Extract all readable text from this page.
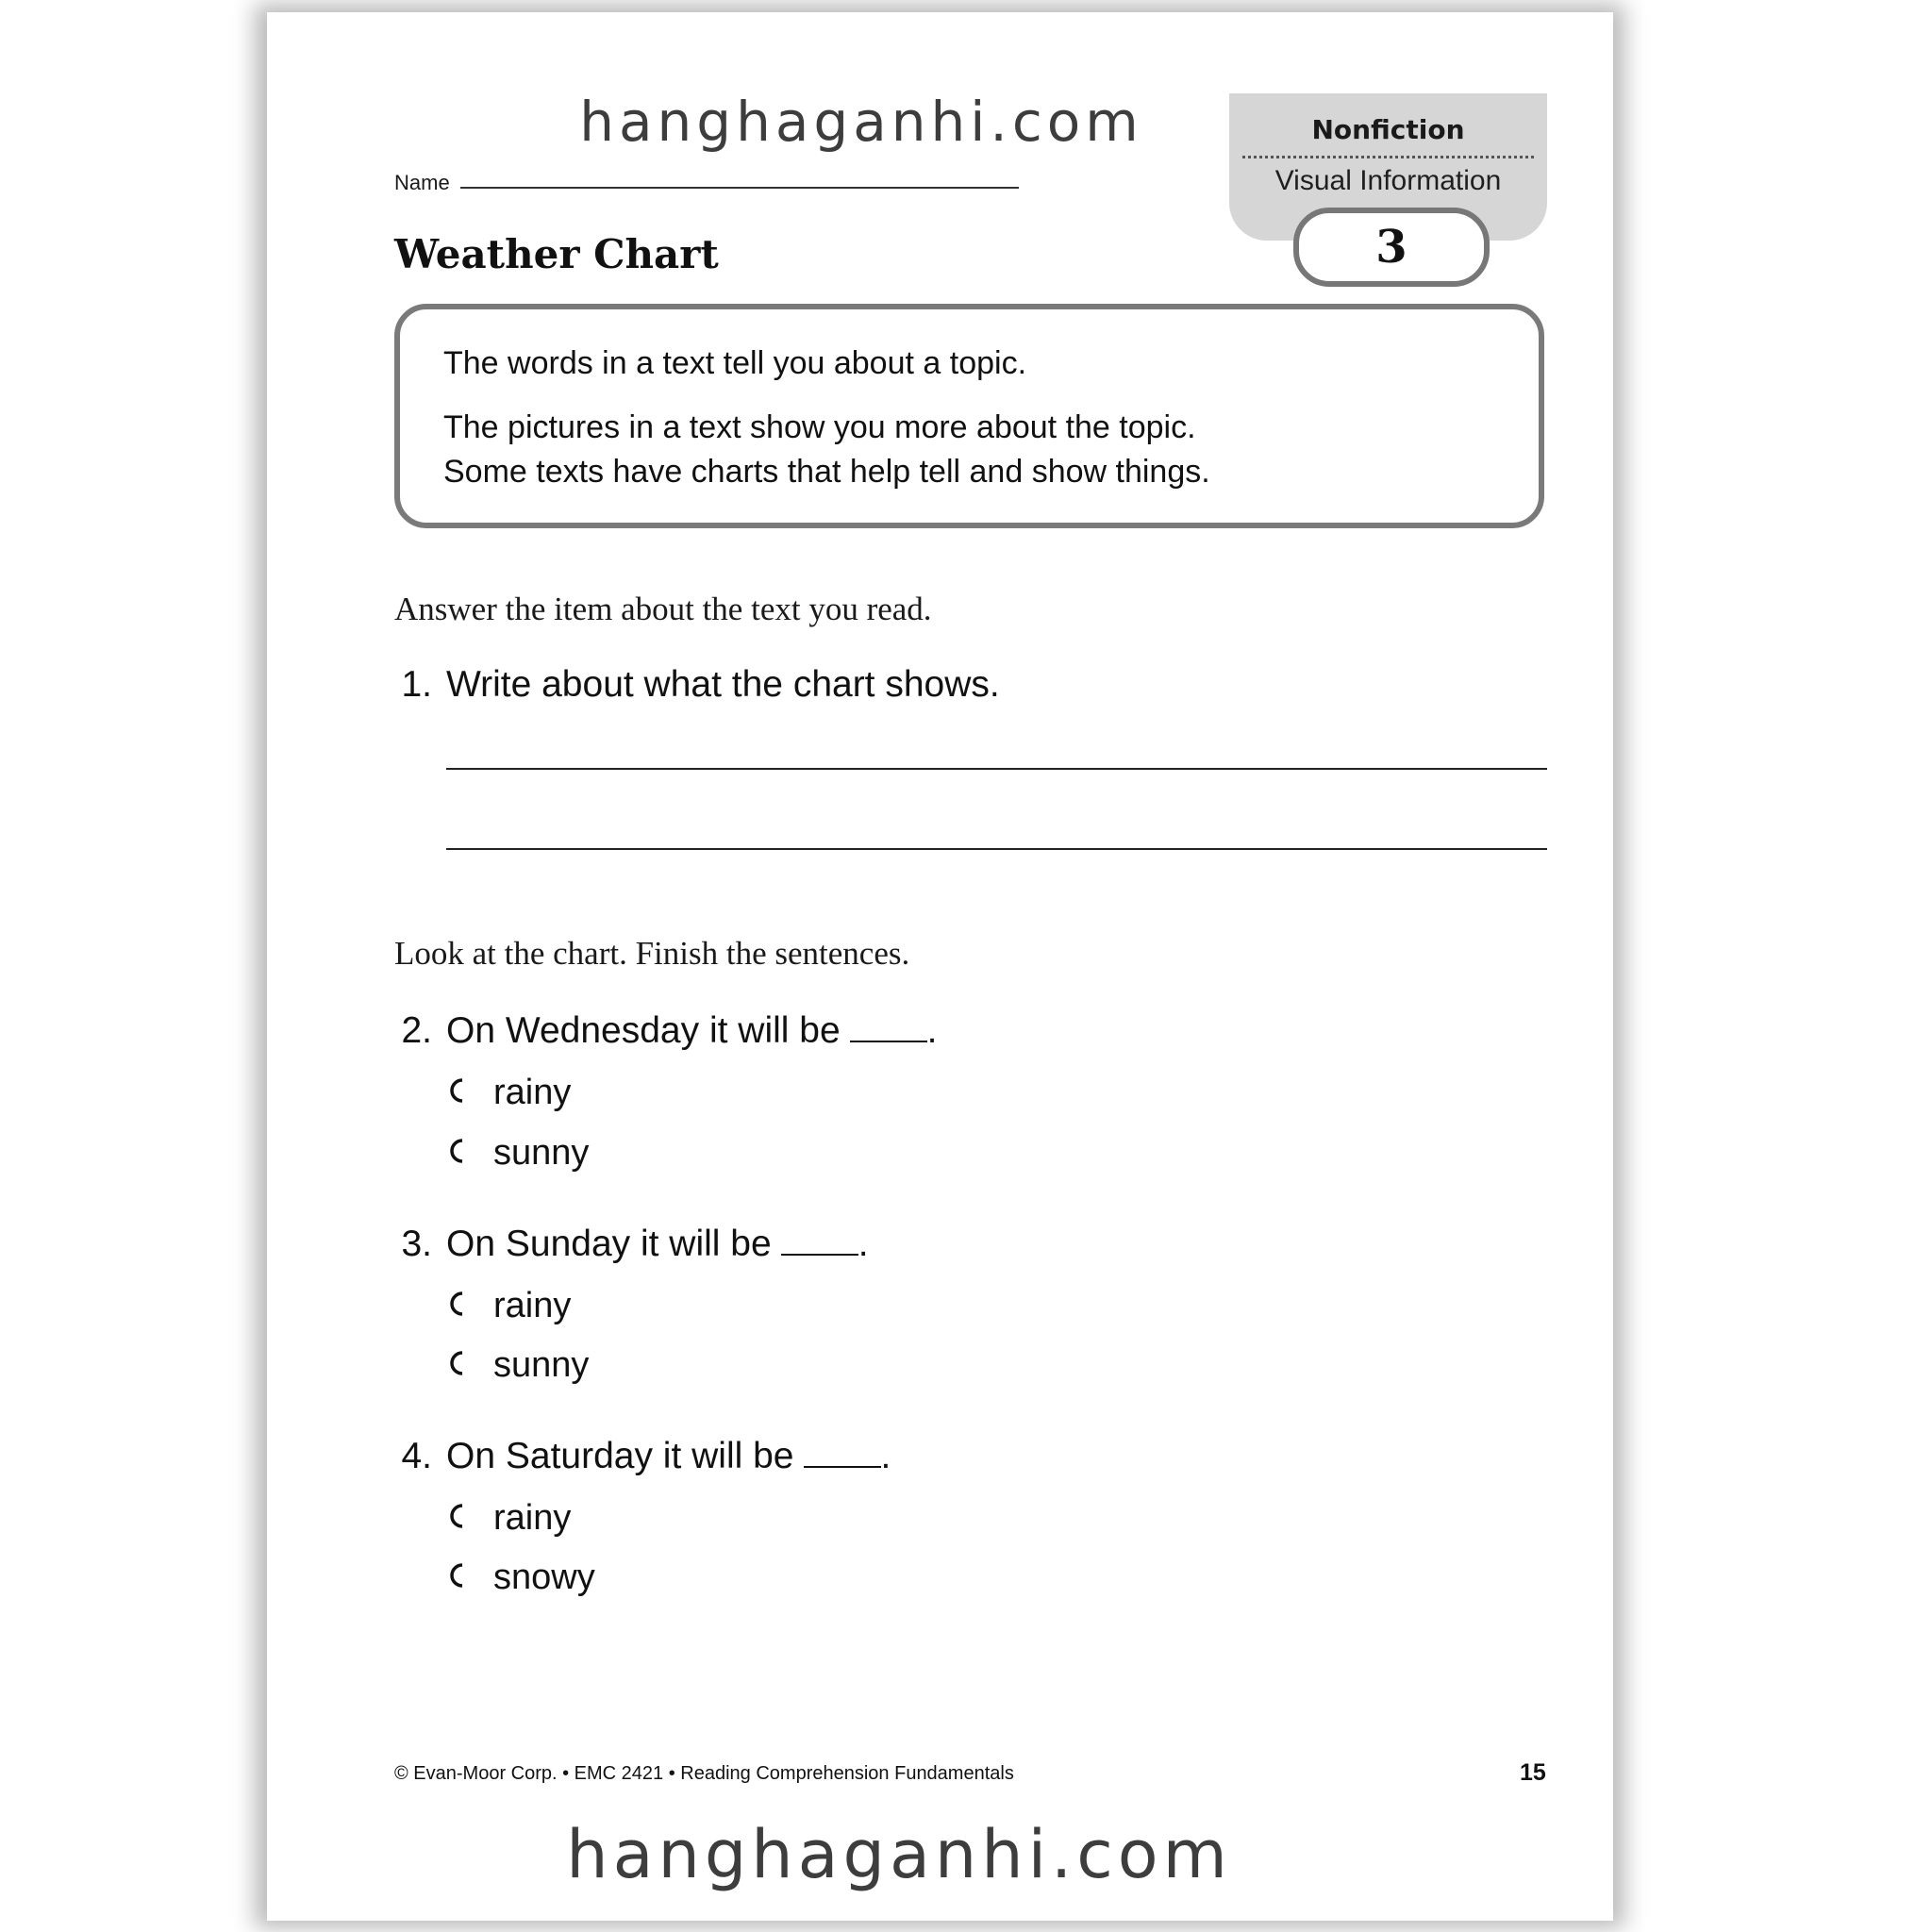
hanghaganhi.com	Nonfiction
Visual Information
3
Name
Weather Chart
The words in a text tell you about a topic.
The pictures in a text show you more about the topic.
Some texts have charts that help tell and show things.
Answer the item about the text you read.
1. Write about what the chart shows.
Look at the chart. Finish the sentences.
2. On Wednesday it will be .
rainy
sunny
3. On Sunday it will be .
rainy
sunny
4. On Saturday it will be .
rainy
snowy
© Evan-Moor Corp. • EMC 2421 • Reading Comprehension Fundamentals	15
hanghaganhi.com
